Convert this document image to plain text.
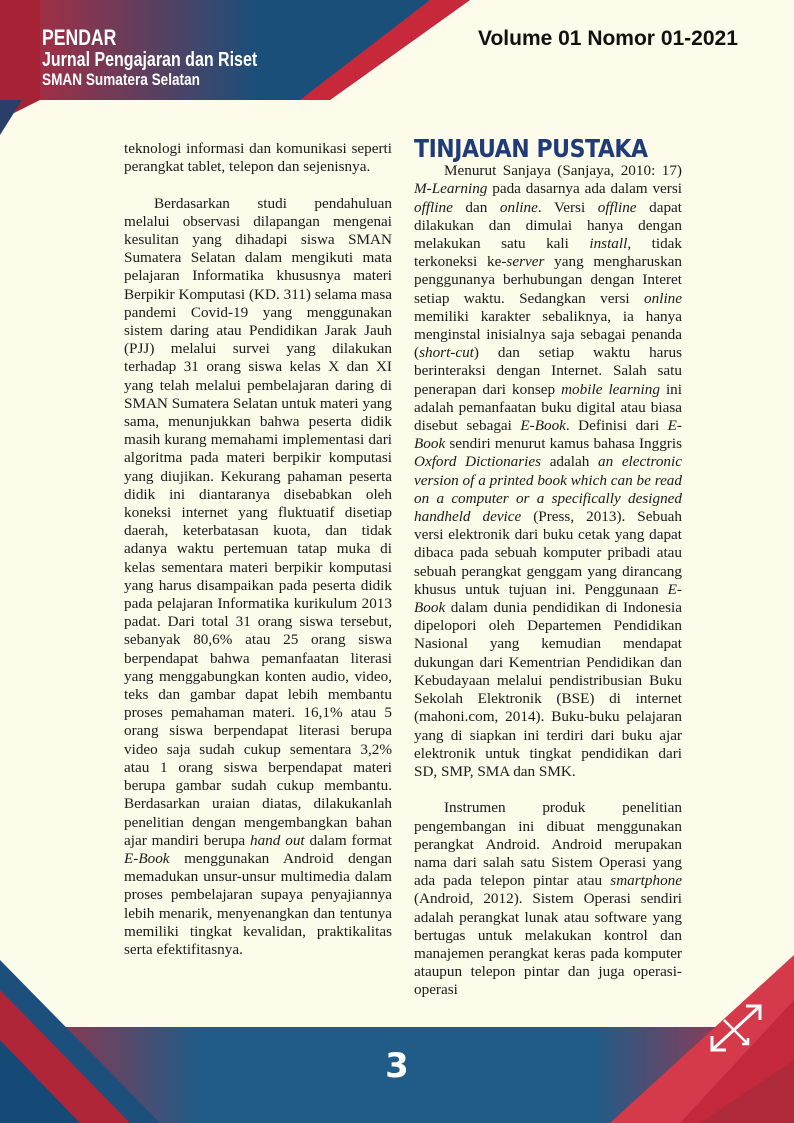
PENDAR
Jurnal Pengajaran dan Riset
SMAN Sumatera Selatan
Volume 01 Nomor 01-2021

teknologi informasi dan komunikasi seperti perangkat tablet, telepon dan sejenisnya.

Berdasarkan studi pendahuluan melalui observasi dilapangan mengenai kesulitan yang dihadapi siswa SMAN Sumatera Selatan dalam mengikuti mata pelajaran Informatika khususnya materi Berpikir Komputasi (KD. 311) selama masa pandemi Covid-19 yang menggunakan sistem daring atau Pendidikan Jarak Jauh (PJJ) melalui survei yang dilakukan terhadap 31 orang siswa kelas X dan XI yang telah melalui pembelajaran daring di SMAN Sumatera Selatan untuk materi yang sama, menunjukkan bahwa peserta didik masih kurang memahami implementasi dari algoritma pada materi berpikir komputasi yang diujikan. Kekurang pahaman peserta didik ini diantaranya disebabkan oleh koneksi internet yang fluktuatif disetiap daerah, keterbatasan kuota, dan tidak adanya waktu pertemuan tatap muka di kelas sementara materi berpikir komputasi yang harus disampaikan pada peserta didik pada pelajaran Informatika kurikulum 2013 padat. Dari total 31 orang siswa tersebut, sebanyak 80,6% atau 25 orang siswa berpendapat bahwa pemanfaatan literasi yang menggabungkan konten audio, video, teks dan gambar dapat lebih membantu proses pemahaman materi. 16,1% atau 5 orang siswa berpendapat literasi berupa video saja sudah cukup sementara 3,2% atau 1 orang siswa berpendapat materi berupa gambar sudah cukup membantu. Berdasarkan uraian diatas, dilakukanlah penelitian dengan mengembangkan bahan ajar mandiri berupa hand out dalam format E-Book menggunakan Android dengan memadukan unsur-unsur multimedia dalam proses pembelajaran supaya penyajiannya lebih menarik, menyenangkan dan tentunya memiliki tingkat kevalidan, praktikalitas serta efektifitasnya.

TINJAUAN PUSTAKA

Menurut Sanjaya (Sanjaya, 2010: 17) M-Learning pada dasarnya ada dalam versi offline dan online. Versi offline dapat dilakukan dan dimulai hanya dengan melakukan satu kali install, tidak terkoneksi ke-server yang mengharuskan penggunanya berhubungan dengan Interet setiap waktu. Sedangkan versi online memiliki karakter sebaliknya, ia hanya menginstal inisialnya saja sebagai penanda (short-cut) dan setiap waktu harus berinteraksi dengan Internet. Salah satu penerapan dari konsep mobile learning ini adalah pemanfaatan buku digital atau biasa disebut sebagai E-Book. Definisi dari E-Book sendiri menurut kamus bahasa Inggris Oxford Dictionaries adalah an electronic version of a printed book which can be read on a computer or a specifically designed handheld device (Press, 2013). Sebuah versi elektronik dari buku cetak yang dapat dibaca pada sebuah komputer pribadi atau sebuah perangkat genggam yang dirancang khusus untuk tujuan ini. Penggunaan E-Book dalam dunia pendidikan di Indonesia dipelopori oleh Departemen Pendidikan Nasional yang kemudian mendapat dukungan dari Kementrian Pendidikan dan Kebudayaan melalui pendistribusian Buku Sekolah Elektronik (BSE) di internet (mahoni.com, 2014). Buku-buku pelajaran yang di siapkan ini terdiri dari buku ajar elektronik untuk tingkat pendidikan dari SD, SMP, SMA dan SMK.

Instrumen produk penelitian pengembangan ini dibuat menggunakan perangkat Android. Android merupakan nama dari salah satu Sistem Operasi yang ada pada telepon pintar atau smartphone (Android, 2012). Sistem Operasi sendiri adalah perangkat lunak atau software yang bertugas untuk melakukan kontrol dan manajemen perangkat keras pada komputer ataupun telepon pintar dan juga operasi-operasi

3
